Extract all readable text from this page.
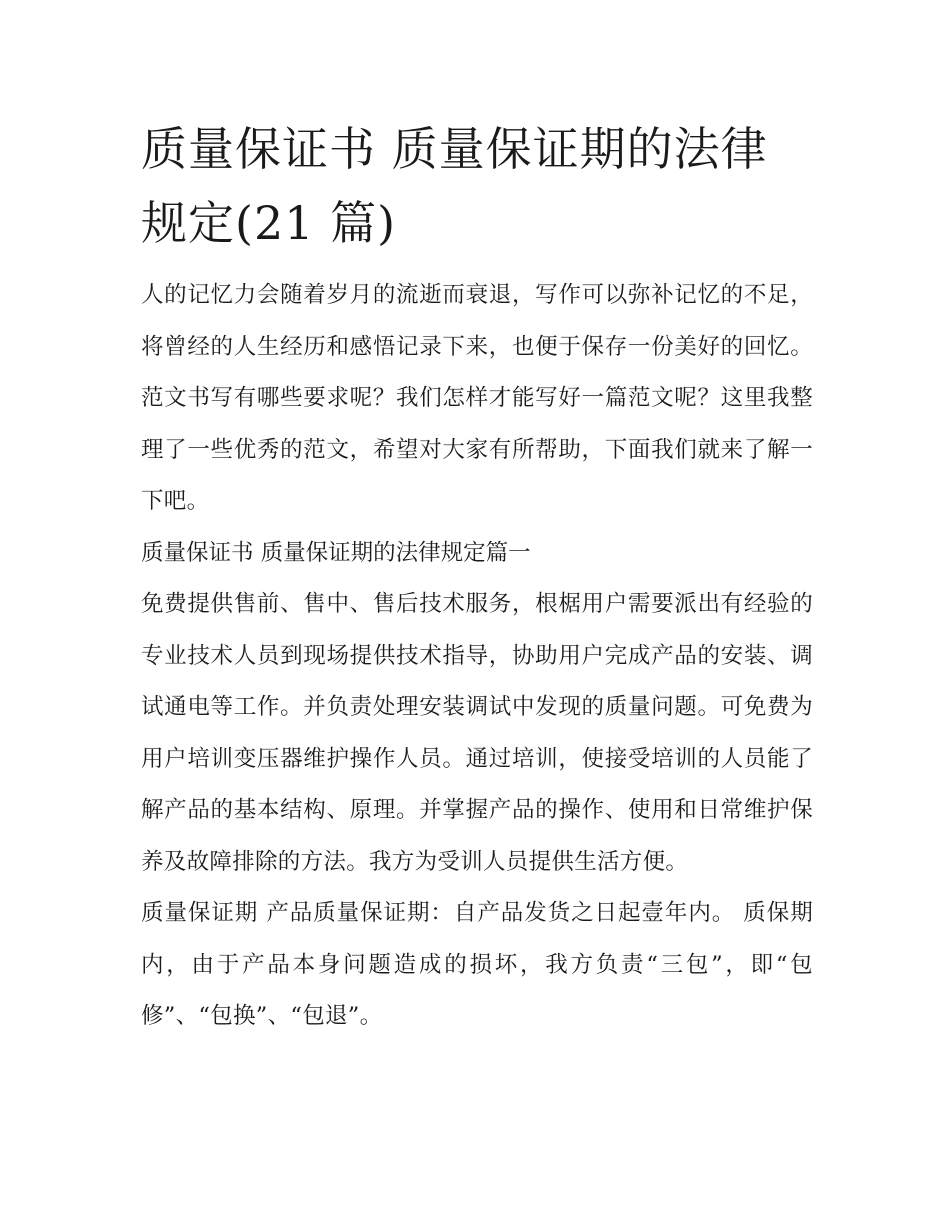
质量保证书 质量保证期的法律规定(21 篇)

人的记忆力会随着岁月的流逝而衰退，写作可以弥补记忆的不足，将曾经的人生经历和感悟记录下来，也便于保存一份美好的回忆。范文书写有哪些要求呢？我们怎样才能写好一篇范文呢？这里我整理了一些优秀的范文，希望对大家有所帮助，下面我们就来了解一下吧。

质量保证书 质量保证期的法律规定篇一

免费提供售前、售中、售后技术服务，根椐用户需要派出有经验的专业技术人员到现场提供技术指导，协助用户完成产品的安装、调试通电等工作。并负责处理安装调试中发现的质量问题。可免费为用户培训变压器维护操作人员。通过培训，使接受培训的人员能了解产品的基本结构、原理。并掌握产品的操作、使用和日常维护保养及故障排除的方法。我方为受训人员提供生活方便。

质量保证期 产品质量保证期：自产品发货之日起壹年内。 质保期内，由于产品本身问题造成的损坏，我方负责“三包”，即“包修”、“包换”、“包退”。
